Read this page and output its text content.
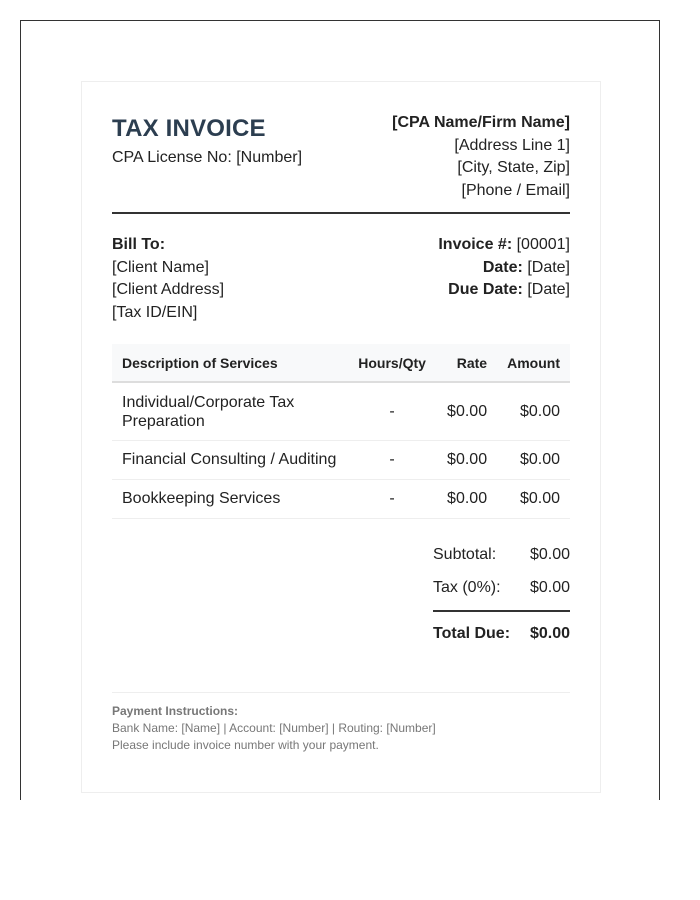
TAX INVOICE
CPA License No: [Number]
[CPA Name/Firm Name]
[Address Line 1]
[City, State, Zip]
[Phone / Email]
Bill To:
[Client Name]
[Client Address]
[Tax ID/EIN]
Invoice #: [00001]
Date: [Date]
Due Date: [Date]
Description of Services	Hours/Qty	Rate	Amount
Individual/Corporate Tax Preparation	-	$0.00	$0.00
Financial Consulting / Auditing	-	$0.00	$0.00
Bookkeeping Services	-	$0.00	$0.00
Subtotal: $0.00
Tax (0%): $0.00
Total Due: $0.00
Payment Instructions:
Bank Name: [Name] | Account: [Number] | Routing: [Number]
Please include invoice number with your payment.
